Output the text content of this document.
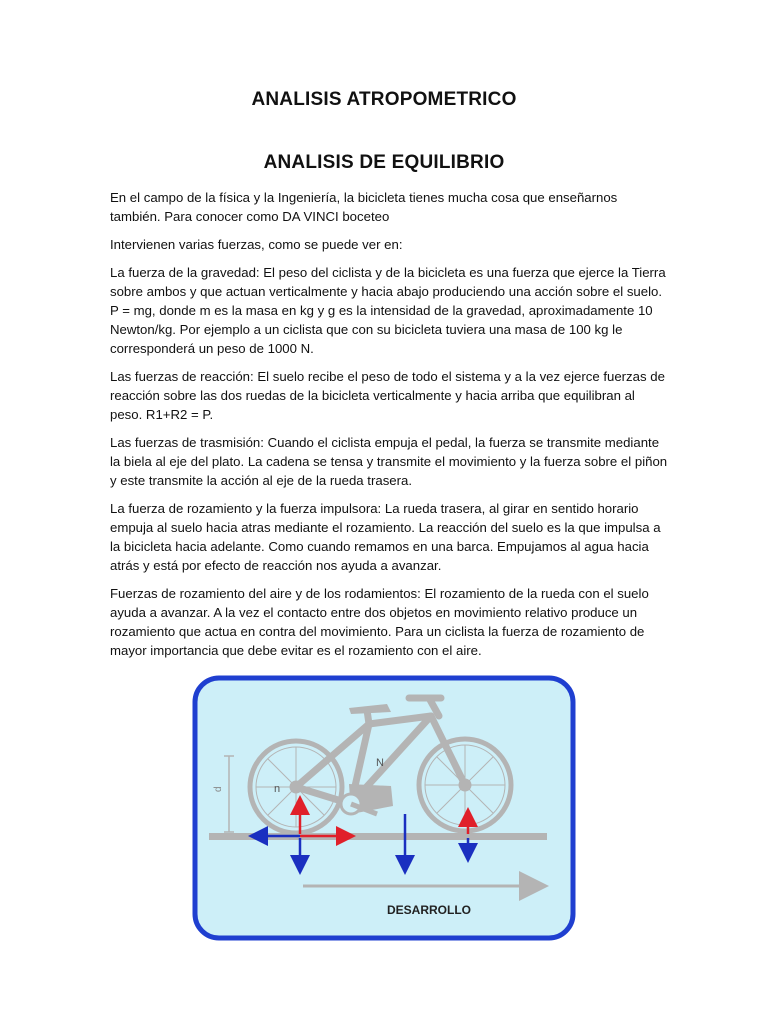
ANALISIS ATROPOMETRICO
ANALISIS DE EQUILIBRIO

En el campo de la física y la Ingeniería, la bicicleta tienes mucha cosa que enseñarnos también. Para conocer como DA VINCI boceteo

Intervienen varias fuerzas, como se puede ver en:

La fuerza de la gravedad: El peso del ciclista y de la bicicleta es una fuerza que ejerce la Tierra sobre ambos y que actuan verticalmente y hacia abajo produciendo una acción sobre el suelo. P = mg, donde m es la masa en kg y g es la intensidad de la gravedad, aproximadamente 10 Newton/kg. Por ejemplo a un ciclista que con su bicicleta tuviera una masa de 100 kg le corresponderá un peso de 1000 N.

Las fuerzas de reacción: El suelo recibe el peso de todo el sistema y a la vez ejerce fuerzas de reacción sobre las dos ruedas de la bicicleta verticalmente y hacia arriba que equilibran al peso. R1+R2 = P.

Las fuerzas de trasmisión: Cuando el ciclista empuja el pedal, la fuerza se transmite mediante la biela al eje del plato. La cadena se tensa y transmite el movimiento y la fuerza sobre el piñon y este transmite la acción al eje de la rueda trasera.

La fuerza de rozamiento y la fuerza impulsora: La rueda trasera, al girar en sentido horario empuja al suelo hacia atras mediante el rozamiento. La reacción del suelo es la que impulsa a la bicicleta hacia adelante. Como cuando remamos en una barca. Empujamos al agua hacia atrás y está por efecto de reacción nos ayuda a avanzar.

Fuerzas de rozamiento del aire y de los rodamientos: El rozamiento de la rueda con el suelo ayuda a avanzar. A la vez el contacto entre dos objetos en movimiento relativo produce un rozamiento que actua en contra del movimiento. Para un ciclista la fuerza de rozamiento de mayor importancia que debe evitar es el rozamiento con el aire.

d
N
n
DESARROLLO
